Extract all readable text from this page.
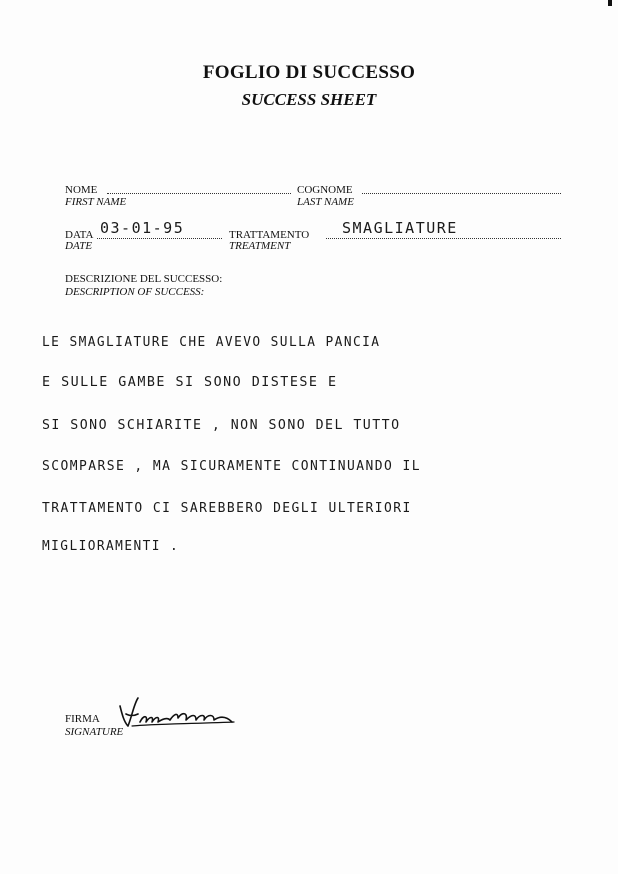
FOGLIO DI SUCCESSO
SUCCESS SHEET
NOME
FIRST NAME
COGNOME
LAST NAME
DATA 03-01-95
DATE
TRATTAMENTO SMAGLIATURE
TREATMENT
DESCRIZIONE DEL SUCCESSO:
DESCRIPTION OF SUCCESS:
LE SMAGLIATURE CHE AVEVO SULLA PANCIA
E SULLE GAMBE SI SONO DISTESE E
SI SONO SCHIARITE , NON SONO DEL TUTTO
SCOMPARSE , MA SICURAMENTE CONTINUANDO IL
TRATTAMENTO CI SAREBBERO DEGLI ULTERIORI
MIGLIORAMENTI .
FIRMA
SIGNATURE
